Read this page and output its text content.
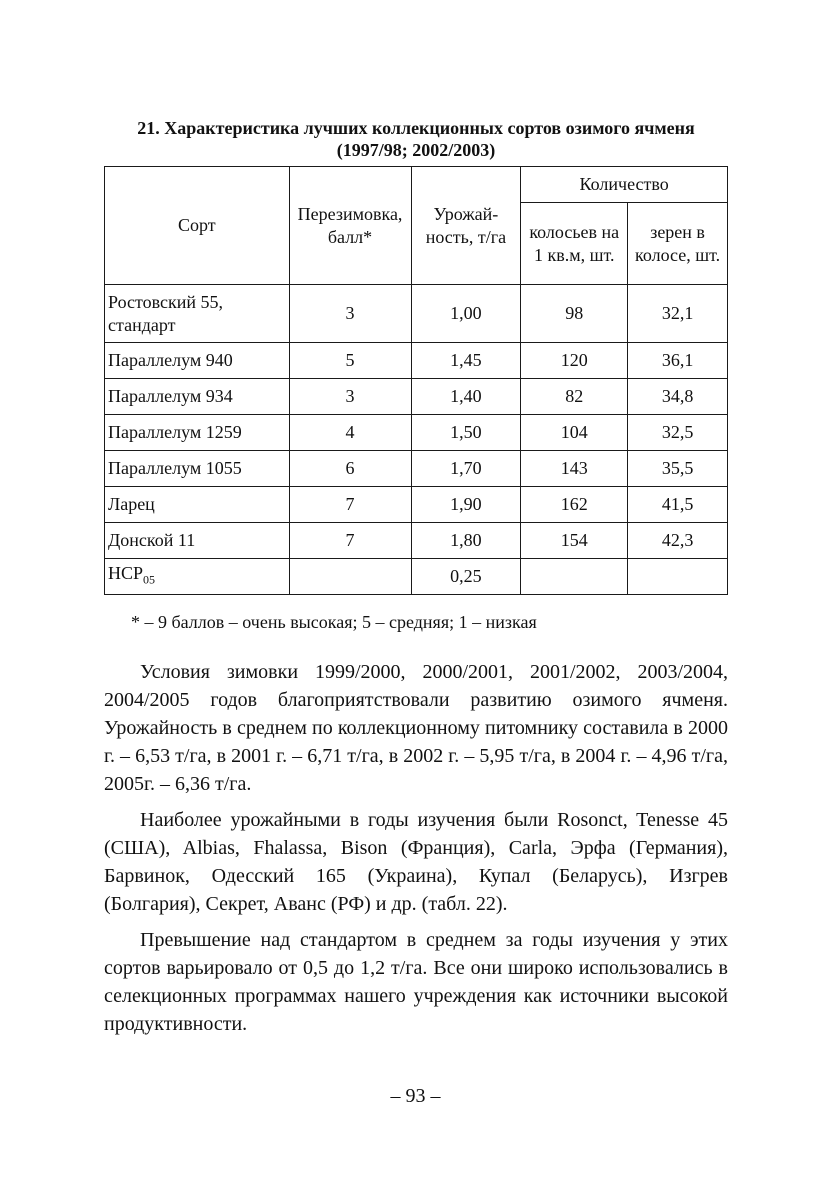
21. Характеристика лучших коллекционных сортов озимого ячменя
(1997/98; 2002/2003)
Сорт	Перезимовка, балл*	Урожай-ность, т/га	Количество	
			колосьев на 1 кв.м, шт.	зерен в колосе, шт.
Ростовский 55, стандарт	3	1,00	98	32,1
Параллелум 940	5	1,45	120	36,1
Параллелум 934	3	1,40	82	34,8
Параллелум 1259	4	1,50	104	32,5
Параллелум 1055	6	1,70	143	35,5
Ларец	7	1,90	162	41,5
Донской 11	7	1,80	154	42,3
$НСР_{05}$		0,25		
* – 9 баллов – очень высокая; 5 – средняя; 1 – низкая

Условия зимовки 1999/2000, 2000/2001, 2001/2002, 2003/2004, 2004/2005 годов благоприятствовали развитию озимого ячменя. Урожайность в среднем по коллекционному питомнику составила в 2000 г. – 6,53 т/га, в 2001 г. – 6,71 т/га, в 2002 г. – 5,95 т/га, в 2004 г. – 4,96 т/га, 2005г. – 6,36 т/га.

Наиболее урожайными в годы изучения были Rosonct, Tenesse 45 (США), Albias, Fhalassa, Bison (Франция), Carla, Эрфа (Германия), Барвинок, Одесский 165 (Украина), Купал (Беларусь), Изгрев (Болгария), Секрет, Аванс (РФ) и др. (табл. 22).

Превышение над стандартом в среднем за годы изучения у этих сортов варьировало от 0,5 до 1,2 т/га. Все они широко использовались в селекционных программах нашего учреждения как источники высокой продуктивности.

– 93 –
